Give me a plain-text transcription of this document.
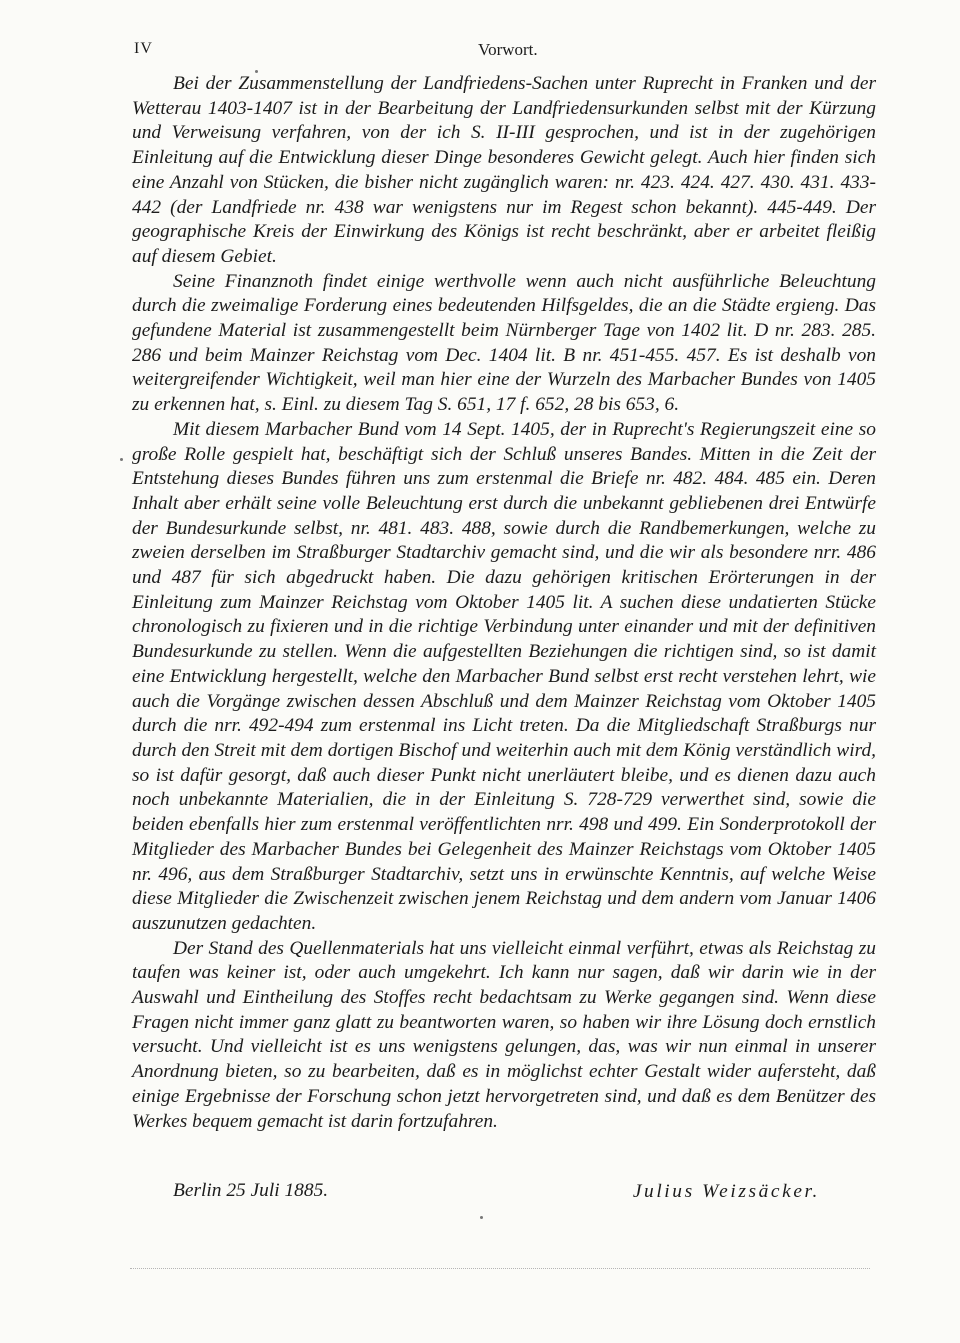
IV	Vorwort.

Bei der Zusammenstellung der Landfriedens-Sachen unter Ruprecht in Franken und der Wetterau 1403-1407 ist in der Bearbeitung der Landfriedensurkunden selbst mit der Kürzung und Verweisung verfahren, von der ich S. II-III gesprochen, und ist in der zugehörigen Einleitung auf die Entwicklung dieser Dinge besonderes Gewicht gelegt. Auch hier finden sich eine Anzahl von Stücken, die bisher nicht zugänglich waren: nr. 423. 424. 427. 430. 431. 433-442 (der Landfriede nr. 438 war wenigstens nur im Regest schon bekannt). 445-449. Der geographische Kreis der Einwirkung des Königs ist recht beschränkt, aber er arbeitet fleißig auf diesem Gebiet.

Seine Finanznoth findet einige werthvolle wenn auch nicht ausführliche Beleuchtung durch die zweimalige Forderung eines bedeutenden Hilfsgeldes, die an die Städte ergieng. Das gefundene Material ist zusammengestellt beim Nürnberger Tage von 1402 lit. D nr. 283. 285. 286 und beim Mainzer Reichstag vom Dec. 1404 lit. B nr. 451-455. 457. Es ist deshalb von weitergreifender Wichtigkeit, weil man hier eine der Wurzeln des Marbacher Bundes von 1405 zu erkennen hat, s. Einl. zu diesem Tag S. 651, 17 f. 652, 28 bis 653, 6.

Mit diesem Marbacher Bund vom 14 Sept. 1405, der in Ruprecht's Regierungszeit eine so große Rolle gespielt hat, beschäftigt sich der Schluß unseres Bandes. Mitten in die Zeit der Entstehung dieses Bundes führen uns zum erstenmal die Briefe nr. 482. 484. 485 ein. Deren Inhalt aber erhält seine volle Beleuchtung erst durch die unbekannt gebliebenen drei Entwürfe der Bundesurkunde selbst, nr. 481. 483. 488, sowie durch die Randbemerkungen, welche zu zweien derselben im Straßburger Stadtarchiv gemacht sind, und die wir als besondere nrr. 486 und 487 für sich abgedruckt haben. Die dazu gehörigen kritischen Erörterungen in der Einleitung zum Mainzer Reichstag vom Oktober 1405 lit. A suchen diese undatierten Stücke chronologisch zu fixieren und in die richtige Verbindung unter einander und mit der definitiven Bundesurkunde zu stellen. Wenn die aufgestellten Beziehungen die richtigen sind, so ist damit eine Entwicklung hergestellt, welche den Marbacher Bund selbst erst recht verstehen lehrt, wie auch die Vorgänge zwischen dessen Abschluß und dem Mainzer Reichstag vom Oktober 1405 durch die nrr. 492-494 zum erstenmal ins Licht treten. Da die Mitgliedschaft Straßburgs nur durch den Streit mit dem dortigen Bischof und weiterhin auch mit dem König verständlich wird, so ist dafür gesorgt, daß auch dieser Punkt nicht unerläutert bleibe, und es dienen dazu auch noch unbekannte Materialien, die in der Einleitung S. 728-729 verwerthet sind, sowie die beiden ebenfalls hier zum erstenmal veröffentlichten nrr. 498 und 499. Ein Sonderprotokoll der Mitglieder des Marbacher Bundes bei Gelegenheit des Mainzer Reichstags vom Oktober 1405 nr. 496, aus dem Straßburger Stadtarchiv, setzt uns in erwünschte Kenntnis, auf welche Weise diese Mitglieder die Zwischenzeit zwischen jenem Reichstag und dem andern vom Januar 1406 auszunutzen gedachten.

Der Stand des Quellenmaterials hat uns vielleicht einmal verführt, etwas als Reichstag zu taufen was keiner ist, oder auch umgekehrt. Ich kann nur sagen, daß wir darin wie in der Auswahl und Eintheilung des Stoffes recht bedachtsam zu Werke gegangen sind. Wenn diese Fragen nicht immer ganz glatt zu beantworten waren, so haben wir ihre Lösung doch ernstlich versucht. Und vielleicht ist es uns wenigstens gelungen, das, was wir nun einmal in unserer Anordnung bieten, so zu bearbeiten, daß es in möglichst echter Gestalt wider aufersteht, daß einige Ergebnisse der Forschung schon jetzt hervorgetreten sind, und daß es dem Benützer des Werkes bequem gemacht ist darin fortzufahren.

Berlin 25 Juli 1885.	Julius Weizsäcker.
